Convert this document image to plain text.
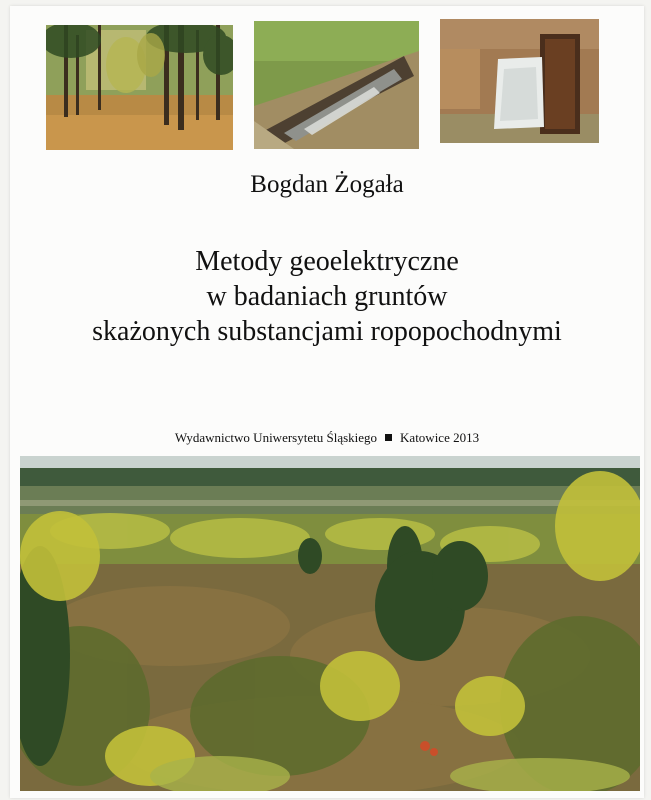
Bogdan Żogała
Metody geoelektryczne
w badaniach gruntów
skażonych substancjami ropopochodnymi
Wydawnictwo Uniwersytetu Śląskiego Katowice 2013
